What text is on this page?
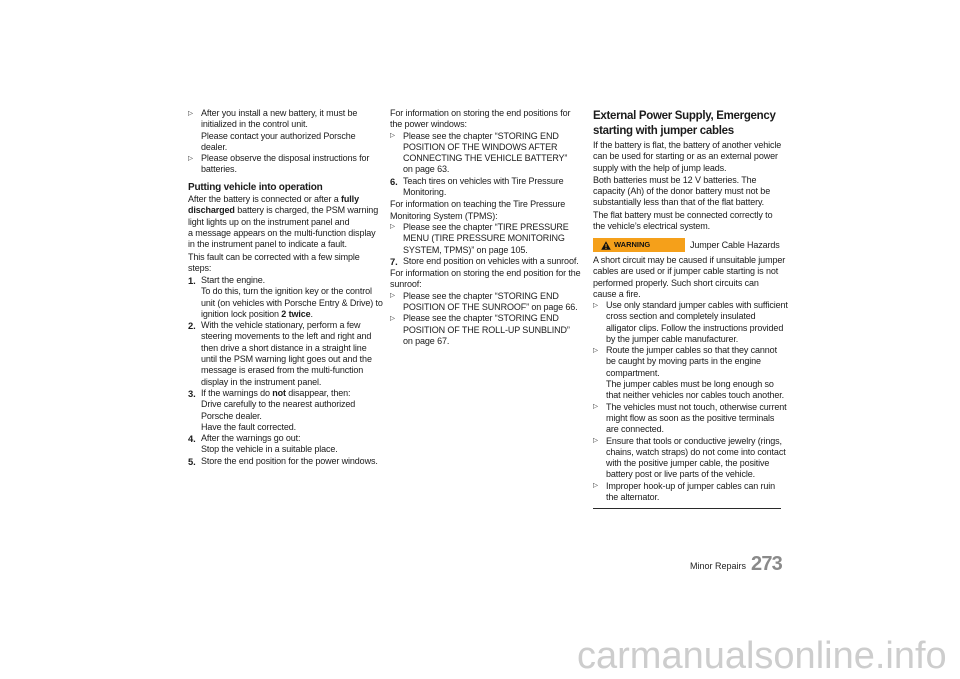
▷
After you install a new battery, it must be
initialized in the control unit.
Please contact your authorized Porsche
dealer.
▷
Please observe the disposal instructions for
batteries.
Putting vehicle into operation
After the battery is connected or after a fully
discharged battery is charged, the PSM warning
light lights up on the instrument panel and
a message appears on the multi-function display
in the instrument panel to indicate a fault.
This fault can be corrected with a few simple
steps:
1. Start the engine.
To do this, turn the ignition key or the control
unit (on vehicles with Porsche Entry & Drive) to
ignition lock position 2 twice.
2. With the vehicle stationary, perform a few
steering movements to the left and right and
then drive a short distance in a straight line
until the PSM warning light goes out and the
message is erased from the multi-function
display in the instrument panel.
3. If the warnings do not disappear, then:
Drive carefully to the nearest authorized
Porsche dealer.
Have the fault corrected.
4. After the warnings go out:
Stop the vehicle in a suitable place.
5. Store the end position for the power windows.
For information on storing the end positions for
the power windows:
▷
Please see the chapter “STORING END
POSITION OF THE WINDOWS AFTER
CONNECTING THE VEHICLE BATTERY”
on page 63.
6. Teach tires on vehicles with Tire Pressure
Monitoring.
For information on teaching the Tire Pressure
Monitoring System (TPMS):
▷
Please see the chapter “TIRE PRESSURE
MENU (TIRE PRESSURE MONITORING
SYSTEM, TPMS)” on page 105.
7. Store end position on vehicles with a sunroof.
For information on storing the end position for the
sunroof:
▷
Please see the chapter “STORING END
POSITION OF THE SUNROOF” on page 66.
▷
Please see the chapter “STORING END
POSITION OF THE ROLL-UP SUNBLIND”
on page 67.
External Power Supply, Emergency
starting with jumper cables
If the battery is flat, the battery of another vehicle
can be used for starting or as an external power
supply with the help of jump leads.
Both batteries must be 12 V batteries. The
capacity (Ah) of the donor battery must not be
substantially less than that of the flat battery.
The flat battery must be connected correctly to
the vehicle’s electrical system.
WARNING	Jumper Cable Hazards
A short circuit may be caused if unsuitable jumper
cables are used or if jumper cable starting is not
performed properly. Such short circuits can
cause a fire.
▷
Use only standard jumper cables with sufficient
cross section and completely insulated
alligator clips. Follow the instructions provided
by the jumper cable manufacturer.
▷
Route the jumper cables so that they cannot
be caught by moving parts in the engine
compartment.
The jumper cables must be long enough so
that neither vehicles nor cables touch another.
▷
The vehicles must not touch, otherwise current
might flow as soon as the positive terminals
are connected.
▷
Ensure that tools or conductive jewelry (rings,
chains, watch straps) do not come into contact
with the positive jumper cable, the positive
battery post or live parts of the vehicle.
▷
Improper hook-up of jumper cables can ruin
the alternator.
Minor Repairs 273
carmanualsonline.info
